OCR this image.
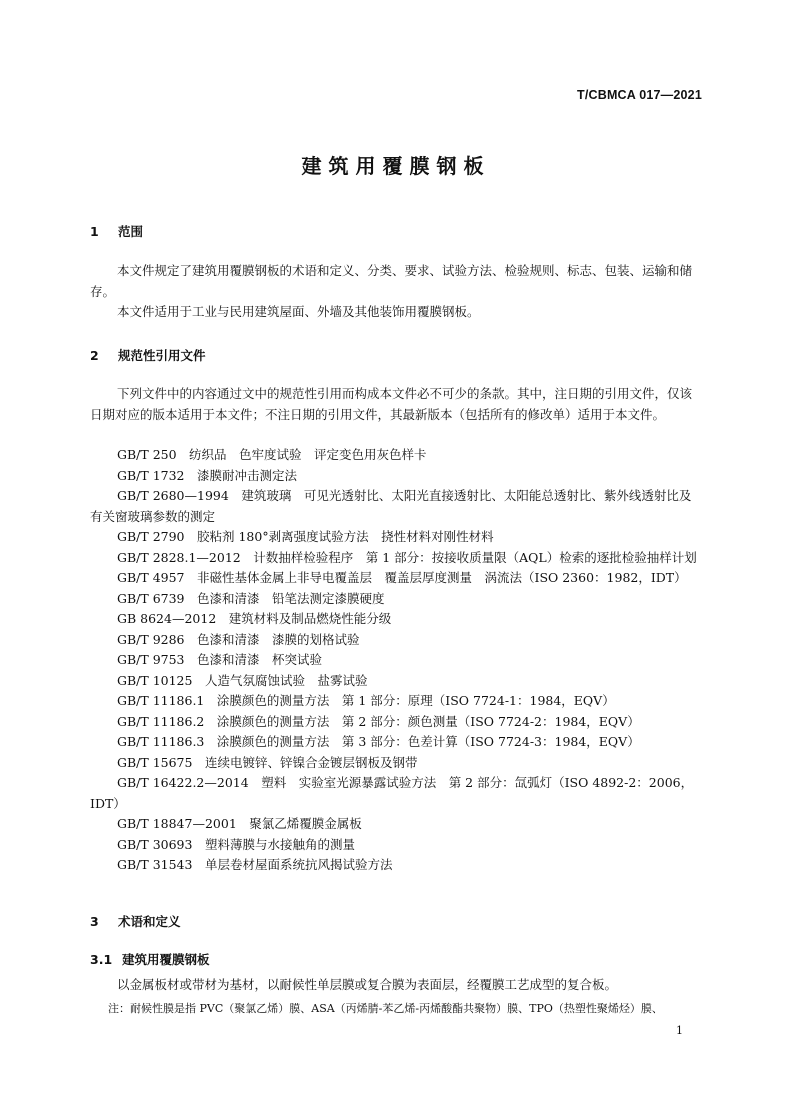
T/CBMCA 017—2021
建筑用覆膜钢板
1 范围

本文件规定了建筑用覆膜钢板的术语和定义、分类、要求、试验方法、检验规则、标志、包装、运输和储存。

本文件适用于工业与民用建筑屋面、外墙及其他装饰用覆膜钢板。

2 规范性引用文件

下列文件中的内容通过文中的规范性引用而构成本文件必不可少的条款。其中，注日期的引用文件，仅该日期对应的版本适用于本文件；不注日期的引用文件，其最新版本（包括所有的修改单）适用于本文件。

GB/T 250　纺织品　色牢度试验　评定变色用灰色样卡
GB/T 1732　漆膜耐冲击测定法
GB/T 2680—1994　建筑玻璃　可见光透射比、太阳光直接透射比、太阳能总透射比、紫外线透射比及有关窗玻璃参数的测定
GB/T 2790　胶粘剂 180°剥离强度试验方法　挠性材料对刚性材料
GB/T 2828.1—2012　计数抽样检验程序　第 1 部分：按接收质量限（AQL）检索的逐批检验抽样计划
GB/T 4957　非磁性基体金属上非导电覆盖层　覆盖层厚度测量　涡流法（ISO 2360：1982，IDT）
GB/T 6739　色漆和清漆　铅笔法测定漆膜硬度
GB 8624—2012　建筑材料及制品燃烧性能分级
GB/T 9286　色漆和清漆　漆膜的划格试验
GB/T 9753　色漆和清漆　杯突试验
GB/T 10125　人造气氛腐蚀试验　盐雾试验
GB/T 11186.1　涂膜颜色的测量方法　第 1 部分：原理（ISO 7724-1：1984，EQV）
GB/T 11186.2　涂膜颜色的测量方法　第 2 部分：颜色测量（ISO 7724-2：1984，EQV）
GB/T 11186.3　涂膜颜色的测量方法　第 3 部分：色差计算（ISO 7724-3：1984，EQV）
GB/T 15675　连续电镀锌、锌镍合金镀层钢板及钢带
GB/T 16422.2—2014　塑料　实验室光源暴露试验方法　第 2 部分：氙弧灯（ISO 4892-2：2006，IDT）
GB/T 18847—2001　聚氯乙烯覆膜金属板
GB/T 30693　塑料薄膜与水接触角的测量
GB/T 31543　单层卷材屋面系统抗风揭试验方法
3 术语和定义
3.1 建筑用覆膜钢板

以金属板材或带材为基材，以耐候性单层膜或复合膜为表面层，经覆膜工艺成型的复合板。

注：耐候性膜是指 PVC（聚氯乙烯）膜、ASA（丙烯腈-苯乙烯-丙烯酸酯共聚物）膜、TPO（热塑性聚烯烃）膜、
1
